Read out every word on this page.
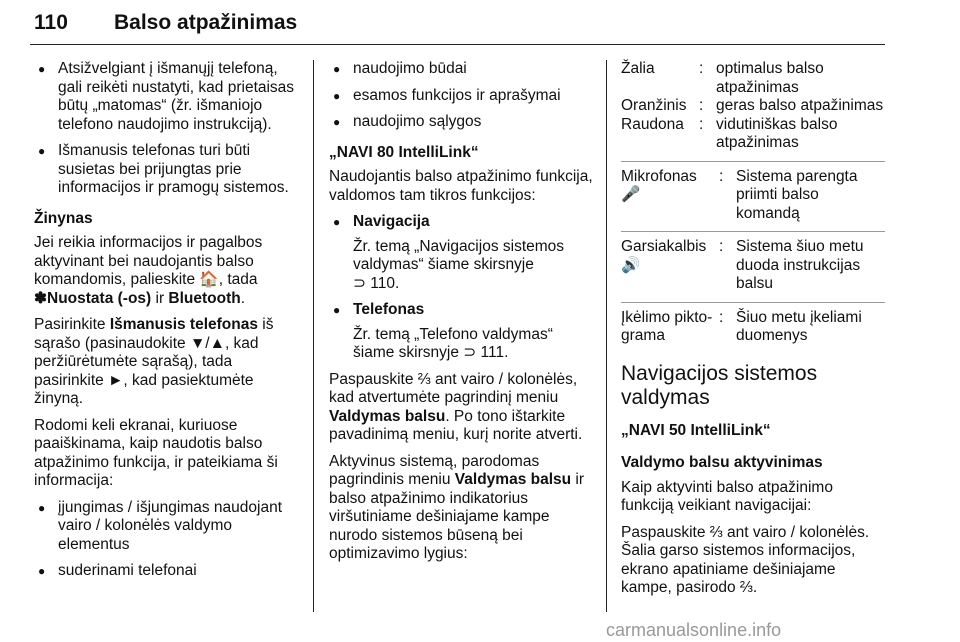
110 Balso atpažinimas
● Atsižvelgiant į išmanųjį telefoną, gali reikėti nustatyti, kad prietaisas būtų „matomas“ (žr. išmaniojo telefono naudojimo instrukciją).
● Išmanusis telefonas turi būti susietas bei prijungtas prie informacijos ir pramogų sistemos.
Žinynas

Jei reikia informacijos ir pagalbos aktyvinant bei naudojantis balso komandomis, palieskite 🏠, tada ✽Nuostata (-os) ir Bluetooth.

Pasirinkite Išmanusis telefonas iš sąrašo (pasinaudokite ▼/▲, kad peržiūrėtumėte sąrašą), tada pasirinkite ►, kad pasiektumėte žinyną.

Rodomi keli ekranai, kuriuose paaiškinama, kaip naudotis balso atpažinimo funkcija, ir pateikiama ši informacija:

● įjungimas / išjungimas naudojant vairo / kolonėlės valdymo elementus
● suderinami telefonai
● naudojimo būdai
● esamos funkcijos ir aprašymai
● naudojimo sąlygos
„NAVI 80 IntelliLink“

Naudojantis balso atpažinimo funkcija, valdomos tam tikros funkcijos:

● Navigacija
Žr. temą „Navigacijos sistemos valdymas“ šiame skirsnyje
⊃ 110.
● Telefonas
Žr. temą „Telefono valdymas“ šiame skirsnyje ⊃ 111.

Paspauskite ⅔ ant vairo / kolonėlės, kad atvertumėte pagrindinį meniu Valdymas balsu. Po tono ištarkite pavadinimą meniu, kurį norite atverti.

Aktyvinus sistemą, parodomas pagrindinis meniu Valdymas balsu ir balso atpažinimo indikatorius viršutiniame dešiniajame kampe nurodo sistemos būseną bei optimizavimo lygius:

Žalia	: optimalus balso atpažinimas
Oranžinis : geras balso atpažinimas
Raudona : vidutiniškas balso atpažinimas
Mikrofonas 🎤
: Sistema parengta priimti balso komandą
Garsiakalbis 🔊
: Sistema šiuo metu duoda instrukcijas balsu
Įkėlimo pikto-grama
: Šiuo metu įkeliami duomenys
Navigacijos sistemos valdymas
„NAVI 50 IntelliLink“
Valdymo balsu aktyvinimas

Kaip aktyvinti balso atpažinimo funkciją veikiant navigacijai:

Paspauskite ⅔ ant vairo / kolonėlės. Šalia garso sistemos informacijos, ekrano apatiniame dešiniajame kampe, pasirodo ⅔.

carmanualsonline.info
